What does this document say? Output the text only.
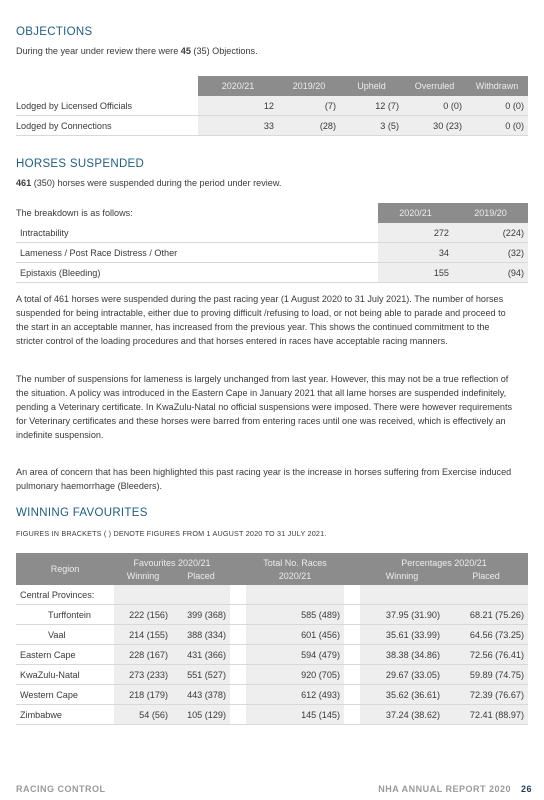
OBJECTIONS

During the year under review there were 45 (35) Objections.

	2020/21	2019/20	Upheld	Overruled	Withdrawn
Lodged by Licensed Officials	12	(7)	12 (7)	0 (0)	0 (0)
Lodged by Connections	33	(28)	3 (5)	30 (23)	0 (0)
HORSES SUSPENDED

461 (350) horses were suspended during the period under review.

The breakdown is as follows:	2020/21	2019/20
Intractability	272	(224)
Lameness / Post Race Distress / Other	34	(32)
Epistaxis (Bleeding)	155	(94)

A total of 461 horses were suspended during the past racing year (1 August 2020 to 31 July 2021). The number of horses suspended for being intractable, either due to proving difficult /refusing to load, or not being able to parade and proceed to the start in an acceptable manner, has increased from the previous year. This shows the continued commitment to the stricter control of the loading procedures and that horses entered in races have acceptable racing manners.

The number of suspensions for lameness is largely unchanged from last year. However, this may not be a true reflection of the situation. A policy was introduced in the Eastern Cape in January 2021 that all lame horses are suspended indefinitely, pending a Veterinary certificate. In KwaZulu-Natal no official suspensions were imposed. There were however requirements for Veterinary certificates and these horses were barred from entering races until one was received, which is effectively an indefinite suspension.

An area of concern that has been highlighted this past racing year is the increase in horses suffering from Exercise induced pulmonary haemorrhage (Bleeders).

WINNING FAVOURITES

FIGURES IN BRACKETS ( ) DENOTE FIGURES FROM 1 AUGUST 2020 TO 31 JULY 2021.

Region	Favourites 2020/21			Total No. Races		Percentages 2020/21	
	Winning	Placed		2020/21		Winning	Placed
Central Provinces:							
Turffontein	222 (156)	399 (368)		585 (489)		37.95 (31.90)	68.21 (75.26)
Vaal	214 (155)	388 (334)		601 (456)		35.61 (33.99)	64.56 (73.25)
Eastern Cape	228 (167)	431 (366)		594 (479)		38.38 (34.86)	72.56 (76.41)
KwaZulu-Natal	273 (233)	551 (527)		920 (705)		29.67 (33.05)	59.89 (74.75)
Western Cape	218 (179)	443 (378)		612 (493)		35.62 (36.61)	72.39 (76.67)
Zimbabwe	54 (56)	105 (129)		145 (145)		37.24 (38.62)	72.41 (88.97)
RACING CONTROL	NHA ANNUAL REPORT 2020 26
